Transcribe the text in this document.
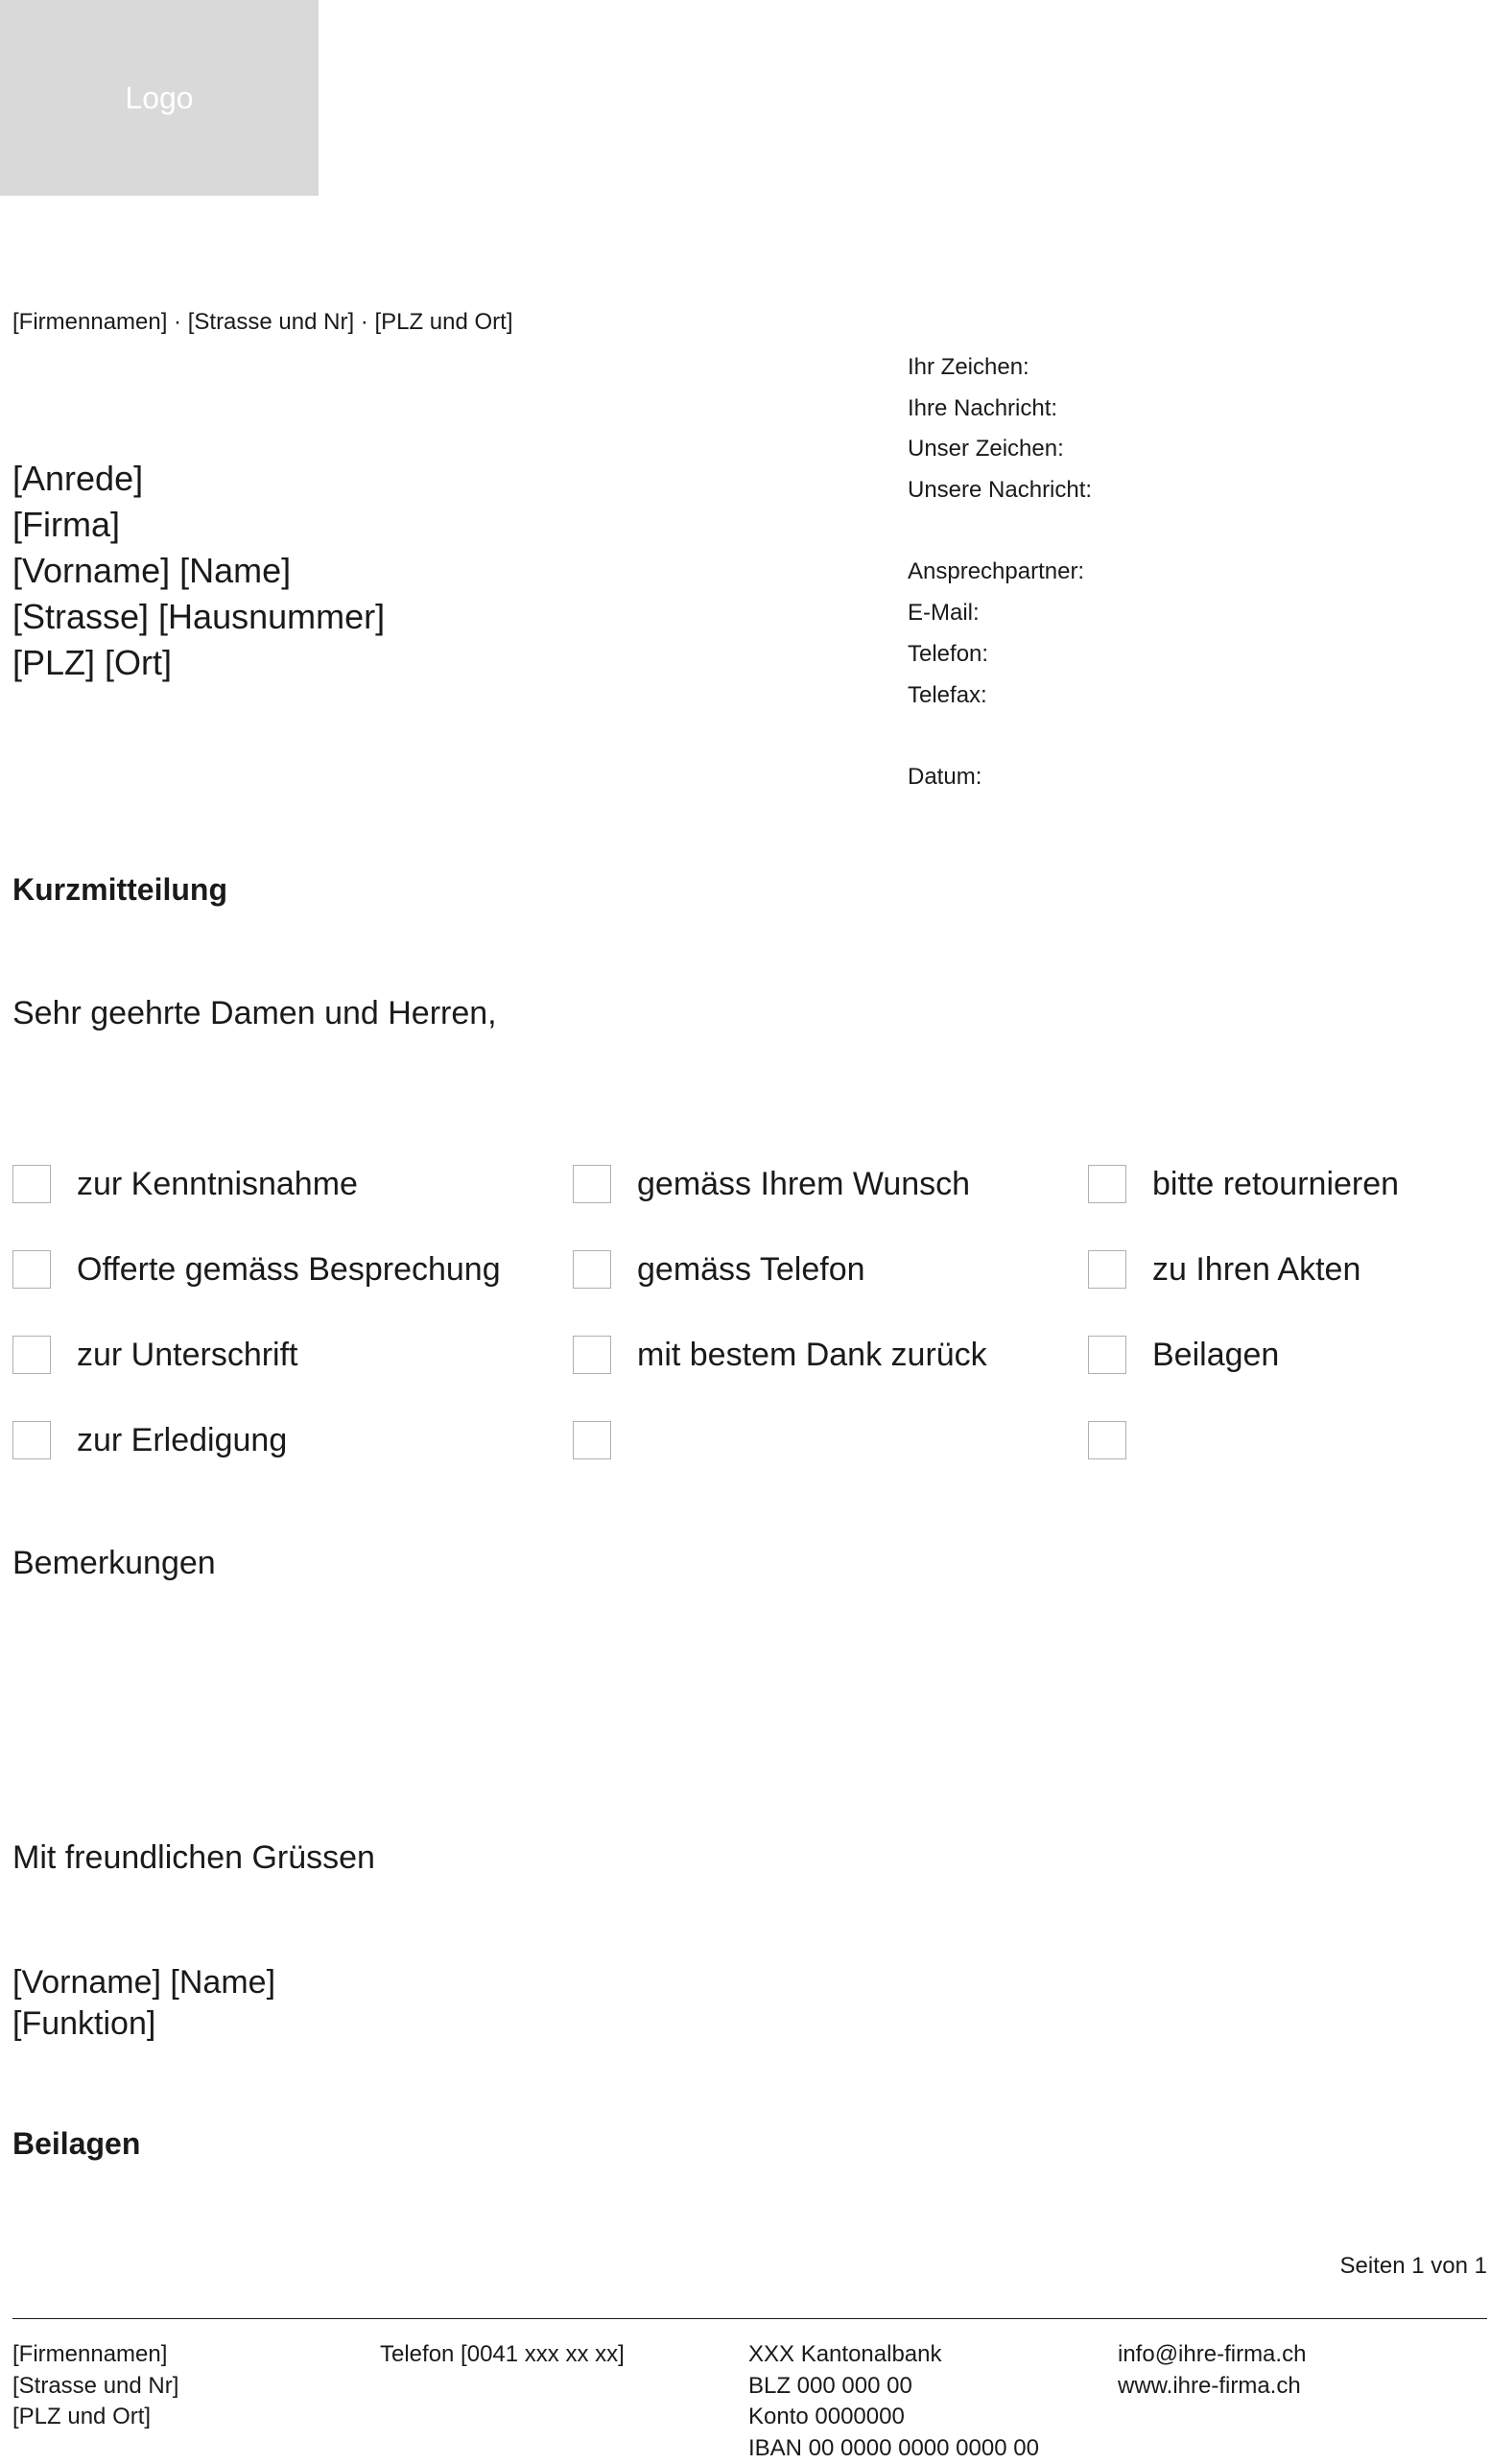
Logo
[Firmennamen] · [Strasse und Nr] · [PLZ und Ort]
[Anrede]
[Firma]
[Vorname] [Name]
[Strasse] [Hausnummer]
[PLZ] [Ort]
Ihr Zeichen:
Ihre Nachricht:
Unser Zeichen:
Unsere Nachricht:
Ansprechpartner:
E-Mail:
Telefon:
Telefax:
Datum:
Kurzmitteilung
Sehr geehrte Damen und Herren,
zur Kenntnisnahme
Offerte gemäss Besprechung
zur Unterschrift
zur Erledigung
gemäss Ihrem Wunsch
gemäss Telefon
mit bestem Dank zurück
bitte retournieren
zu Ihren Akten
Beilagen
Bemerkungen
Mit freundlichen Grüssen
[Vorname] [Name]
[Funktion]
Beilagen
Seiten 1 von 1
[Firmennamen]
[Strasse und Nr]
[PLZ und Ort]
Telefon [0041 xxx xx xx]	XXX Kantonalbank
BLZ 000 000 00
Konto 0000000
IBAN 00 0000 0000 0000 00
info@ihre-firma.ch
www.ihre-firma.ch
